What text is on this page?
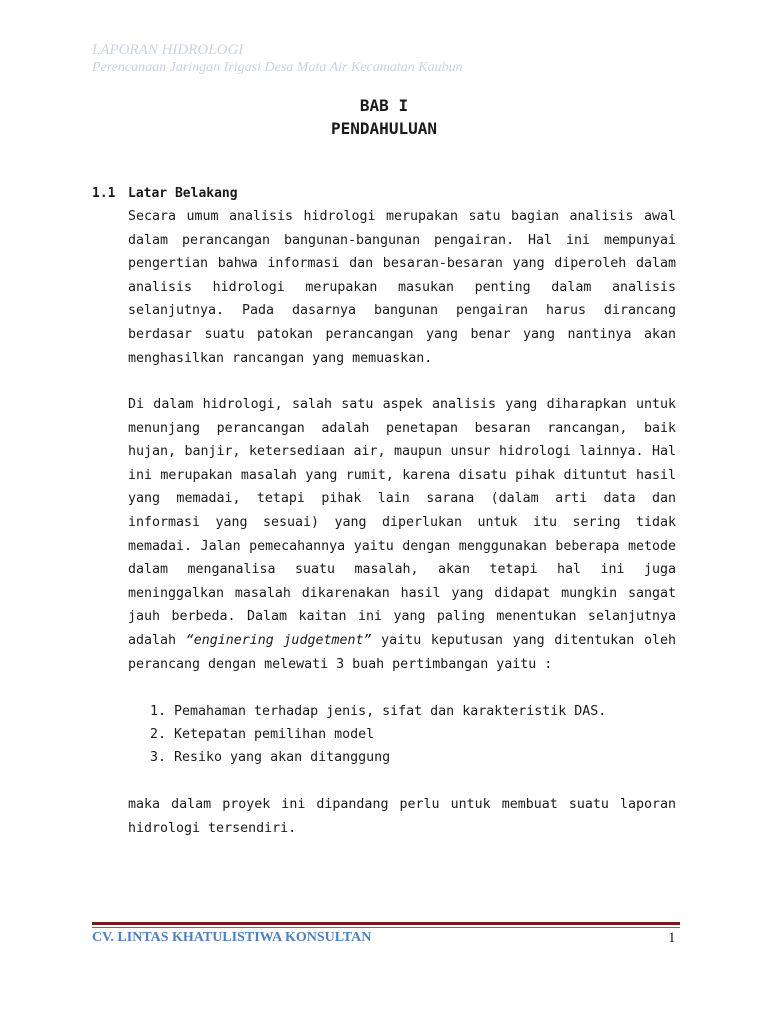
LAPORAN HIDROLOGI
Perencanaan Jaringan Irigasi Desa Mata Air Kecamatan Kaubun
BAB I
PENDAHULUAN
1.1 Latar Belakang

Secara umum analisis hidrologi merupakan satu bagian analisis awal dalam perancangan bangunan-bangunan pengairan. Hal ini mempunyai pengertian bahwa informasi dan besaran-besaran yang diperoleh dalam analisis hidrologi merupakan masukan penting dalam analisis selanjutnya. Pada dasarnya bangunan pengairan harus dirancang berdasar suatu patokan perancangan yang benar yang nantinya akan menghasilkan rancangan yang memuaskan.

Di dalam hidrologi, salah satu aspek analisis yang diharapkan untuk menunjang perancangan adalah penetapan besaran rancangan, baik hujan, banjir, ketersediaan air, maupun unsur hidrologi lainnya. Hal ini merupakan masalah yang rumit, karena disatu pihak dituntut hasil yang memadai, tetapi pihak lain sarana (dalam arti data dan informasi yang sesuai) yang diperlukan untuk itu sering tidak memadai. Jalan pemecahannya yaitu dengan menggunakan beberapa metode dalam menganalisa suatu masalah, akan tetapi hal ini juga meninggalkan masalah dikarenakan hasil yang didapat mungkin sangat jauh berbeda. Dalam kaitan ini yang paling menentukan selanjutnya adalah “enginering judgetment” yaitu keputusan yang ditentukan oleh perancang dengan melewati 3 buah pertimbangan yaitu :

1. Pemahaman terhadap jenis, sifat dan karakteristik DAS.
2. Ketepatan pemilihan model
3. Resiko yang akan ditanggung

maka dalam proyek ini dipandang perlu untuk membuat suatu laporan hidrologi tersendiri.

CV. LINTAS KHATULISTIWA KONSULTAN	1
